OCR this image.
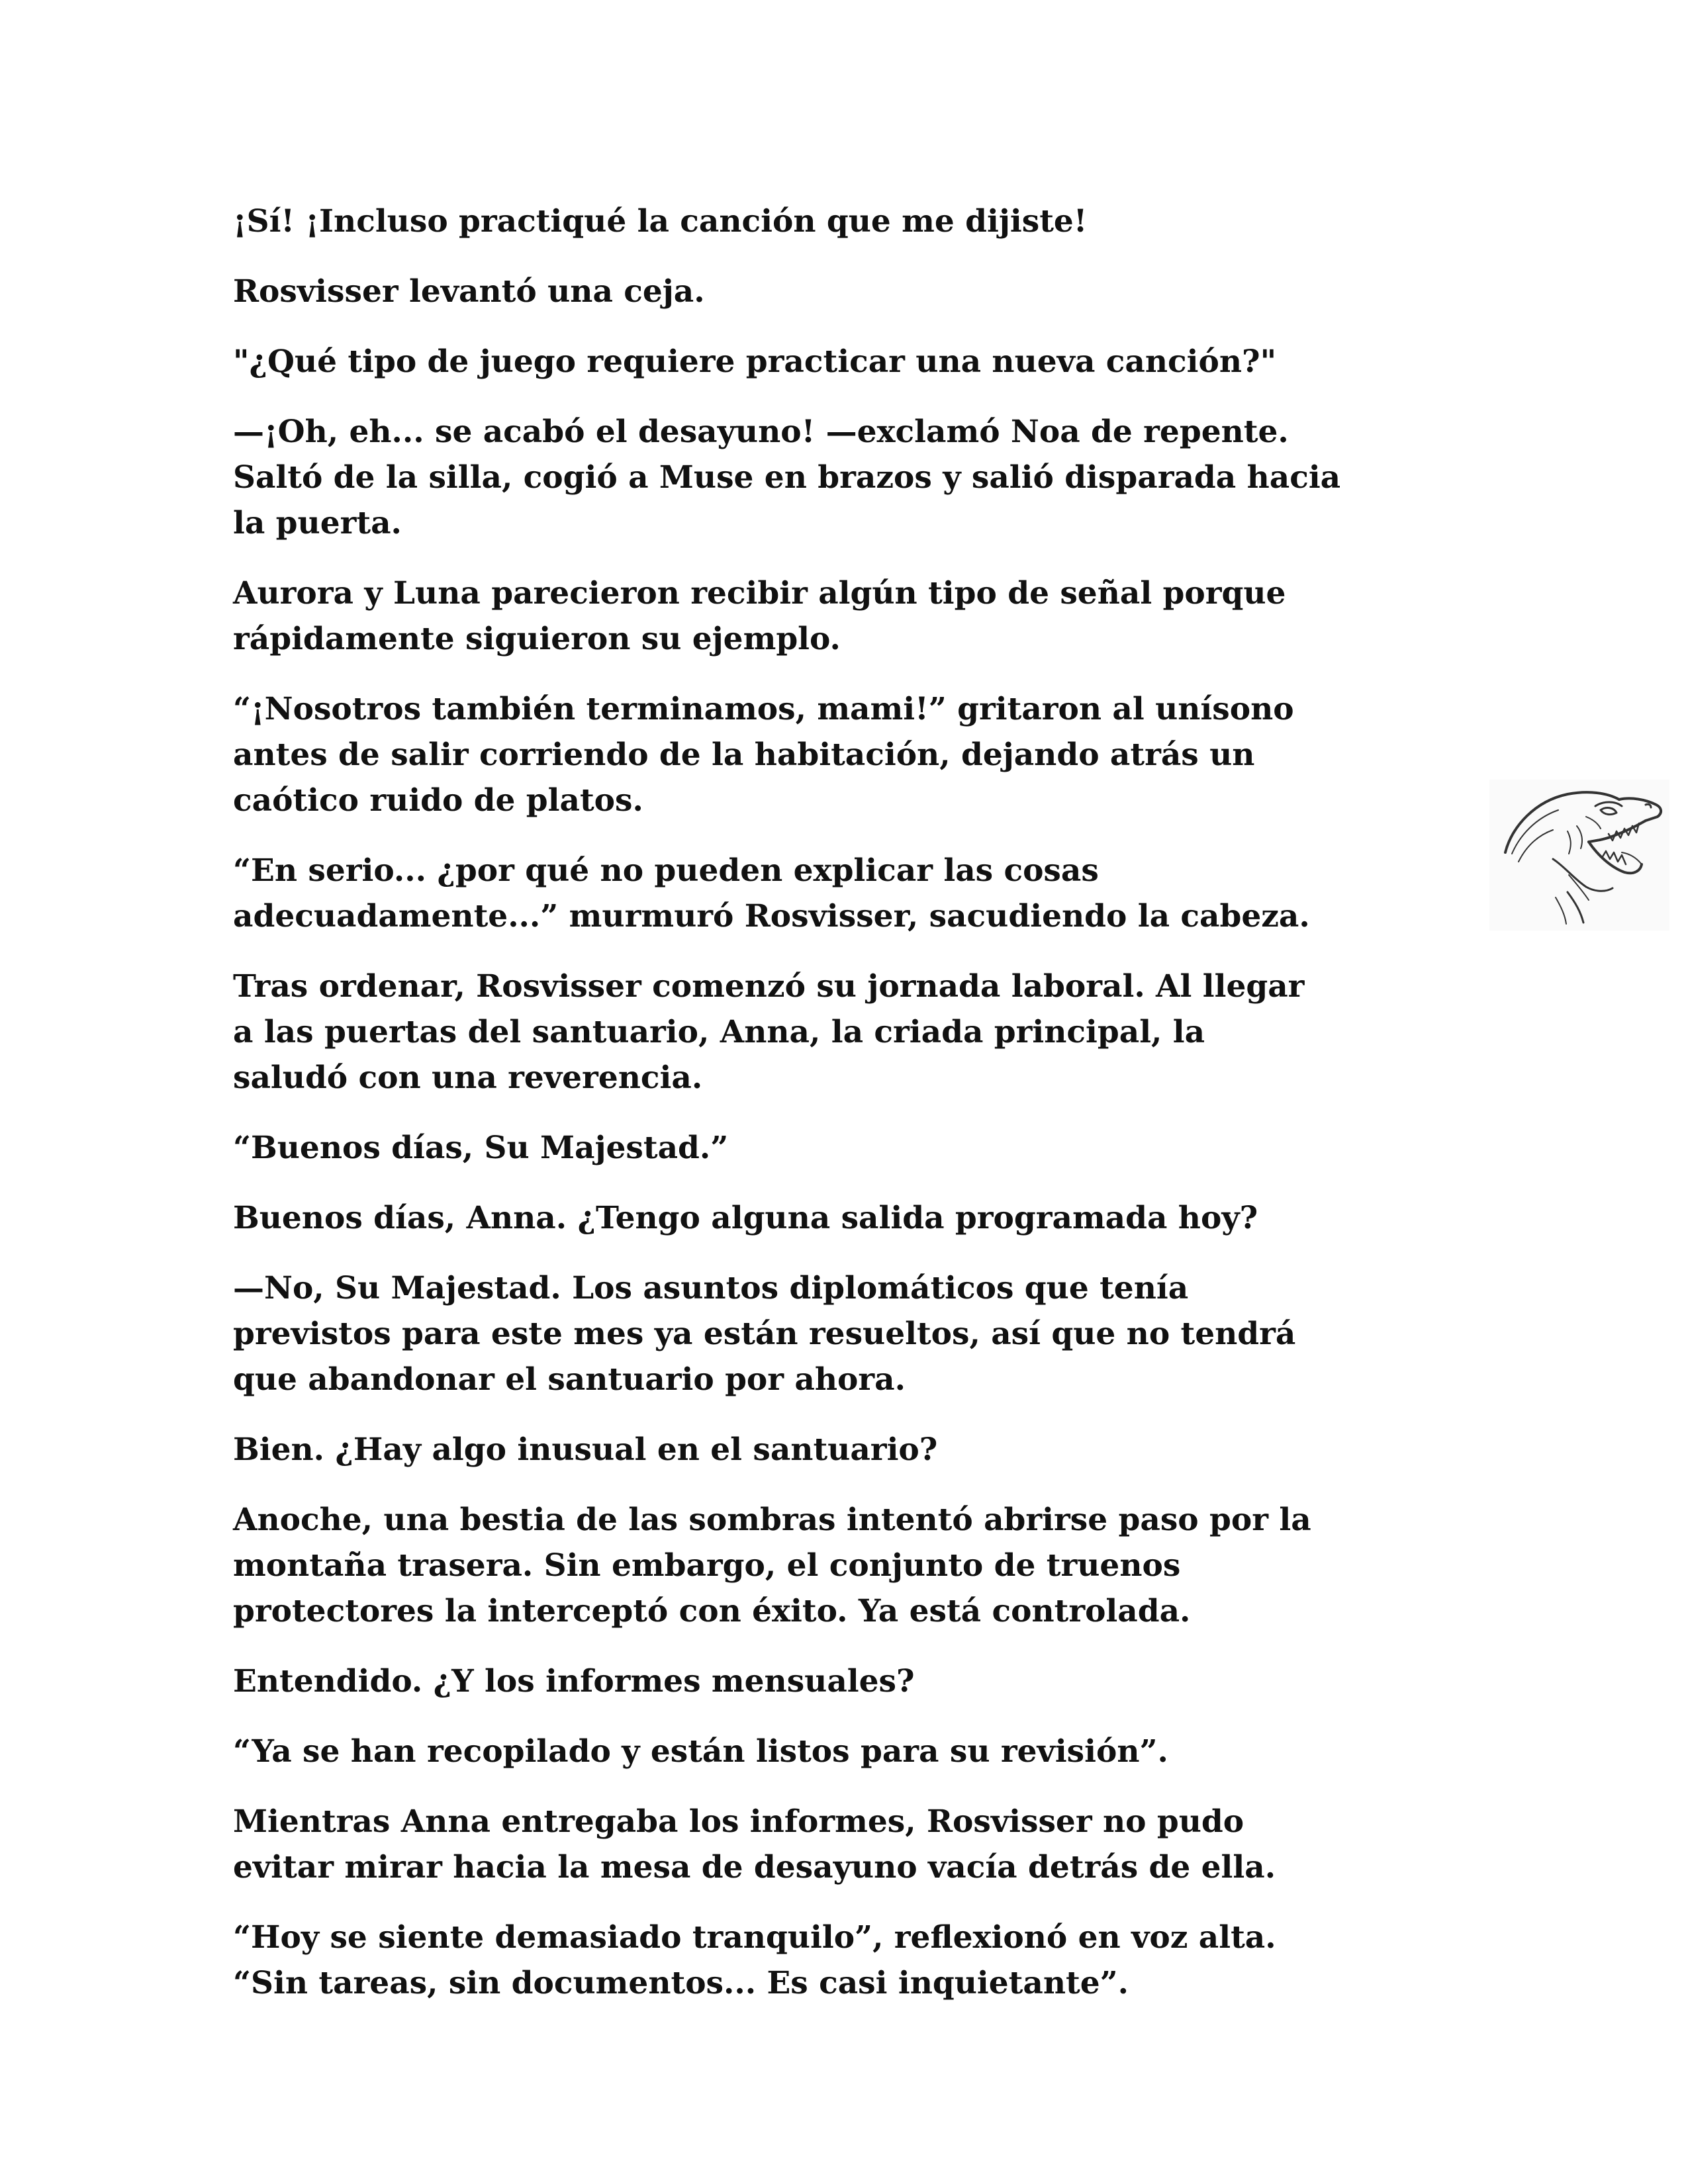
¡Sí! ¡Incluso practiqué la canción que me dijiste!

Rosvisser levantó una ceja.

"¿Qué tipo de juego requiere practicar una nueva canción?"

—¡Oh, eh... se acabó el desayuno! —exclamó Noa de repente.
Saltó de la silla, cogió a Muse en brazos y salió disparada hacia
la puerta.

Aurora y Luna parecieron recibir algún tipo de señal porque
rápidamente siguieron su ejemplo.

“¡Nosotros también terminamos, mami!” gritaron al unísono
antes de salir corriendo de la habitación, dejando atrás un
caótico ruido de platos.

“En serio... ¿por qué no pueden explicar las cosas
adecuadamente...” murmuró Rosvisser, sacudiendo la cabeza.

Tras ordenar, Rosvisser comenzó su jornada laboral. Al llegar
a las puertas del santuario, Anna, la criada principal, la
saludó con una reverencia.

“Buenos días, Su Majestad.”

Buenos días, Anna. ¿Tengo alguna salida programada hoy?

—No, Su Majestad. Los asuntos diplomáticos que tenía
previstos para este mes ya están resueltos, así que no tendrá
que abandonar el santuario por ahora.

Bien. ¿Hay algo inusual en el santuario?

Anoche, una bestia de las sombras intentó abrirse paso por la
montaña trasera. Sin embargo, el conjunto de truenos
protectores la interceptó con éxito. Ya está controlada.

Entendido. ¿Y los informes mensuales?

“Ya se han recopilado y están listos para su revisión”.

Mientras Anna entregaba los informes, Rosvisser no pudo
evitar mirar hacia la mesa de desayuno vacía detrás de ella.

“Hoy se siente demasiado tranquilo”, reflexionó en voz alta.
“Sin tareas, sin documentos... Es casi inquietante”.
